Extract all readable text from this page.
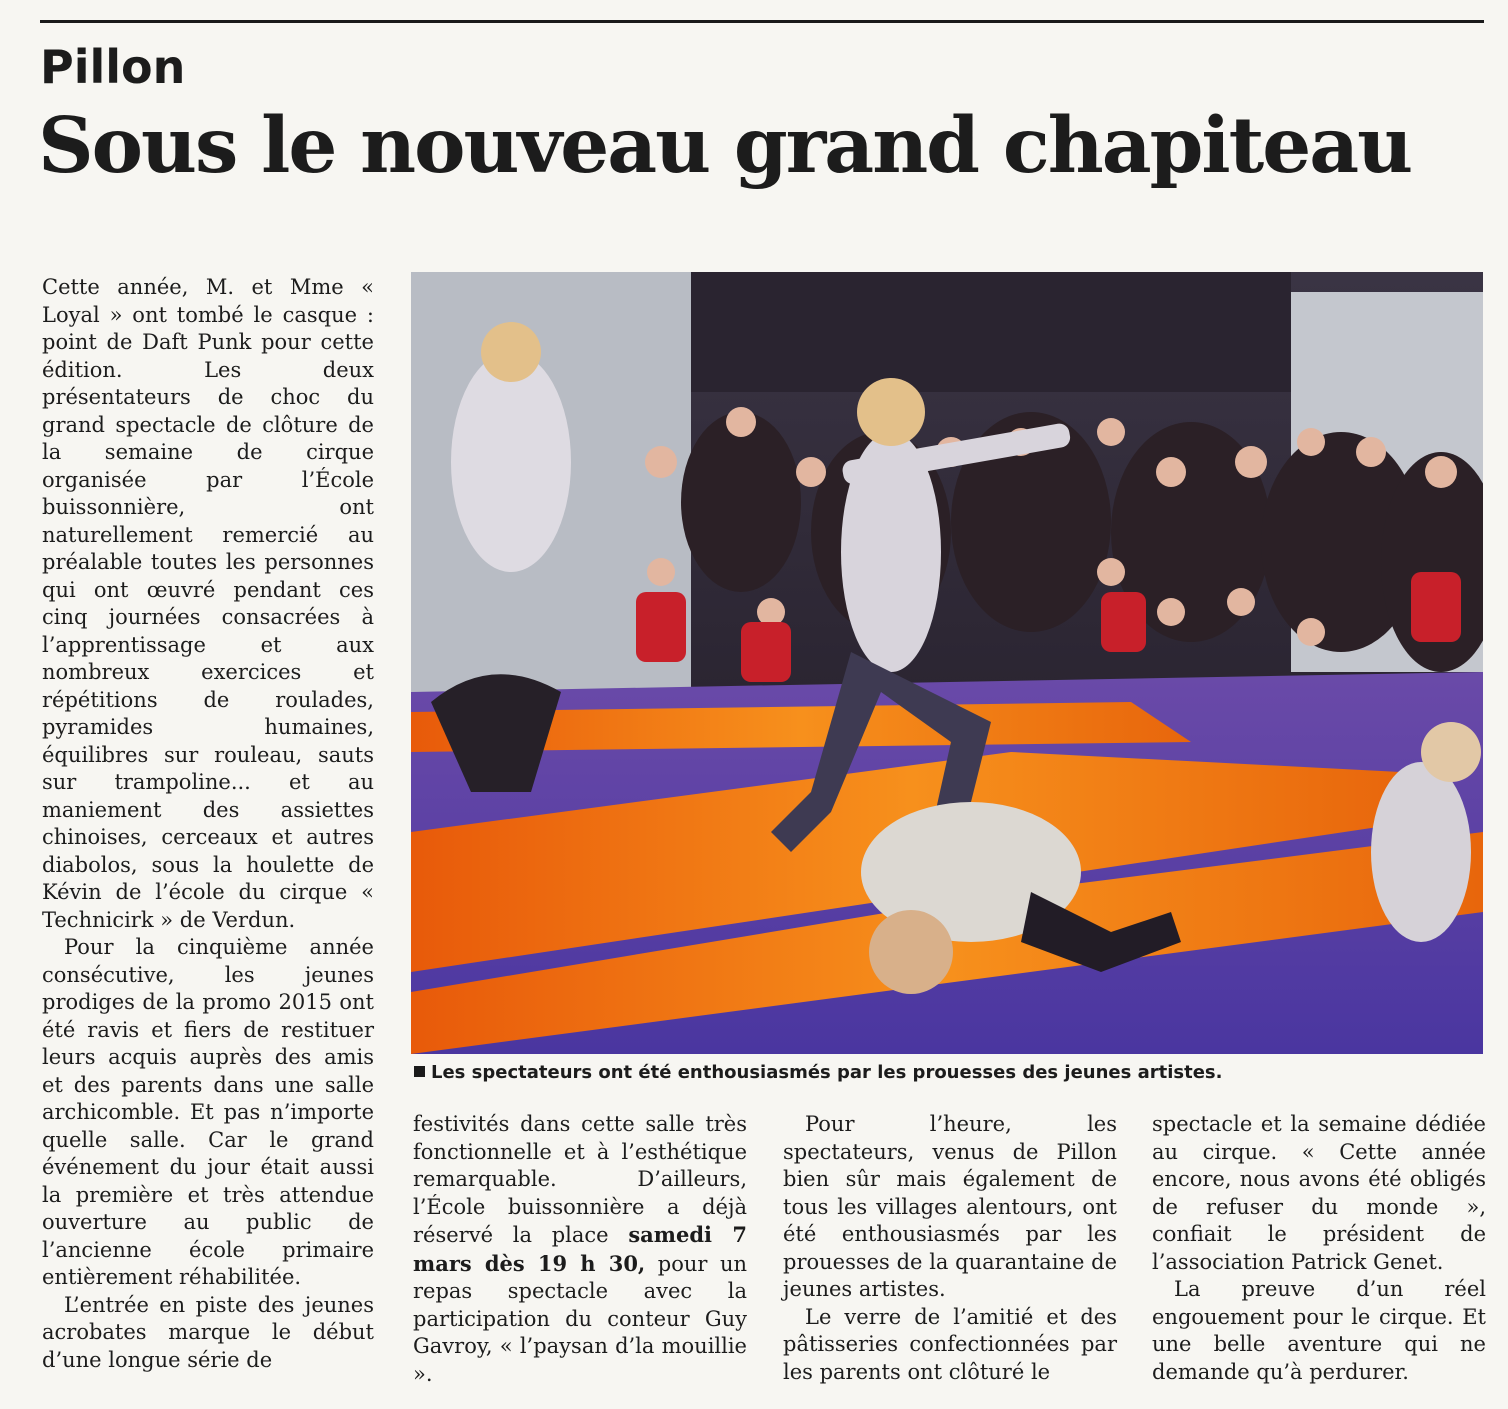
Pillon
Sous le nouveau grand chapiteau

Cette année, M. et Mme « Loyal » ont tombé le casque : point de Daft Punk pour cette édition. Les deux présentateurs de choc du grand spectacle de clôture de la semaine de cirque organisée par l’École buissonnière, ont naturellement remercié au préalable toutes les personnes qui ont œuvré pendant ces cinq journées consacrées à l’apprentissage et aux nombreux exercices et répétitions de roulades, pyramides humaines, équilibres sur rouleau, sauts sur trampoline... et au maniement des assiettes chinoises, cerceaux et autres diabolos, sous la houlette de Kévin de l’école du cirque « Technicirk » de Verdun.

Pour la cinquième année consécutive, les jeunes prodiges de la promo 2015 ont été ravis et fiers de restituer leurs acquis auprès des amis et des parents dans une salle archicomble. Et pas n’importe quelle salle. Car le grand événement du jour était aussi la première et très attendue ouverture au public de l’ancienne école primaire entièrement réhabilitée.

L’entrée en piste des jeunes acrobates marque le début d’une longue série de

Les spectateurs ont été enthousiasmés par les prouesses des jeunes artistes.

festivités dans cette salle très fonctionnelle et à l’esthétique remarquable. D’ailleurs, l’École buissonnière a déjà réservé la place samedi 7 mars dès 19 h 30, pour un repas spectacle avec la participation du conteur Guy Gavroy, « l’paysan d’la mouillie ».

Pour l’heure, les spectateurs, venus de Pillon bien sûr mais également de tous les villages alentours, ont été enthousiasmés par les prouesses de la quarantaine de jeunes artistes.

Le verre de l’amitié et des pâtisseries confectionnées par les parents ont clôturé le

spectacle et la semaine dédiée au cirque. « Cette année encore, nous avons été obligés de refuser du monde », confiait le président de l’association Patrick Genet.

La preuve d’un réel engouement pour le cirque. Et une belle aventure qui ne demande qu’à perdurer.
